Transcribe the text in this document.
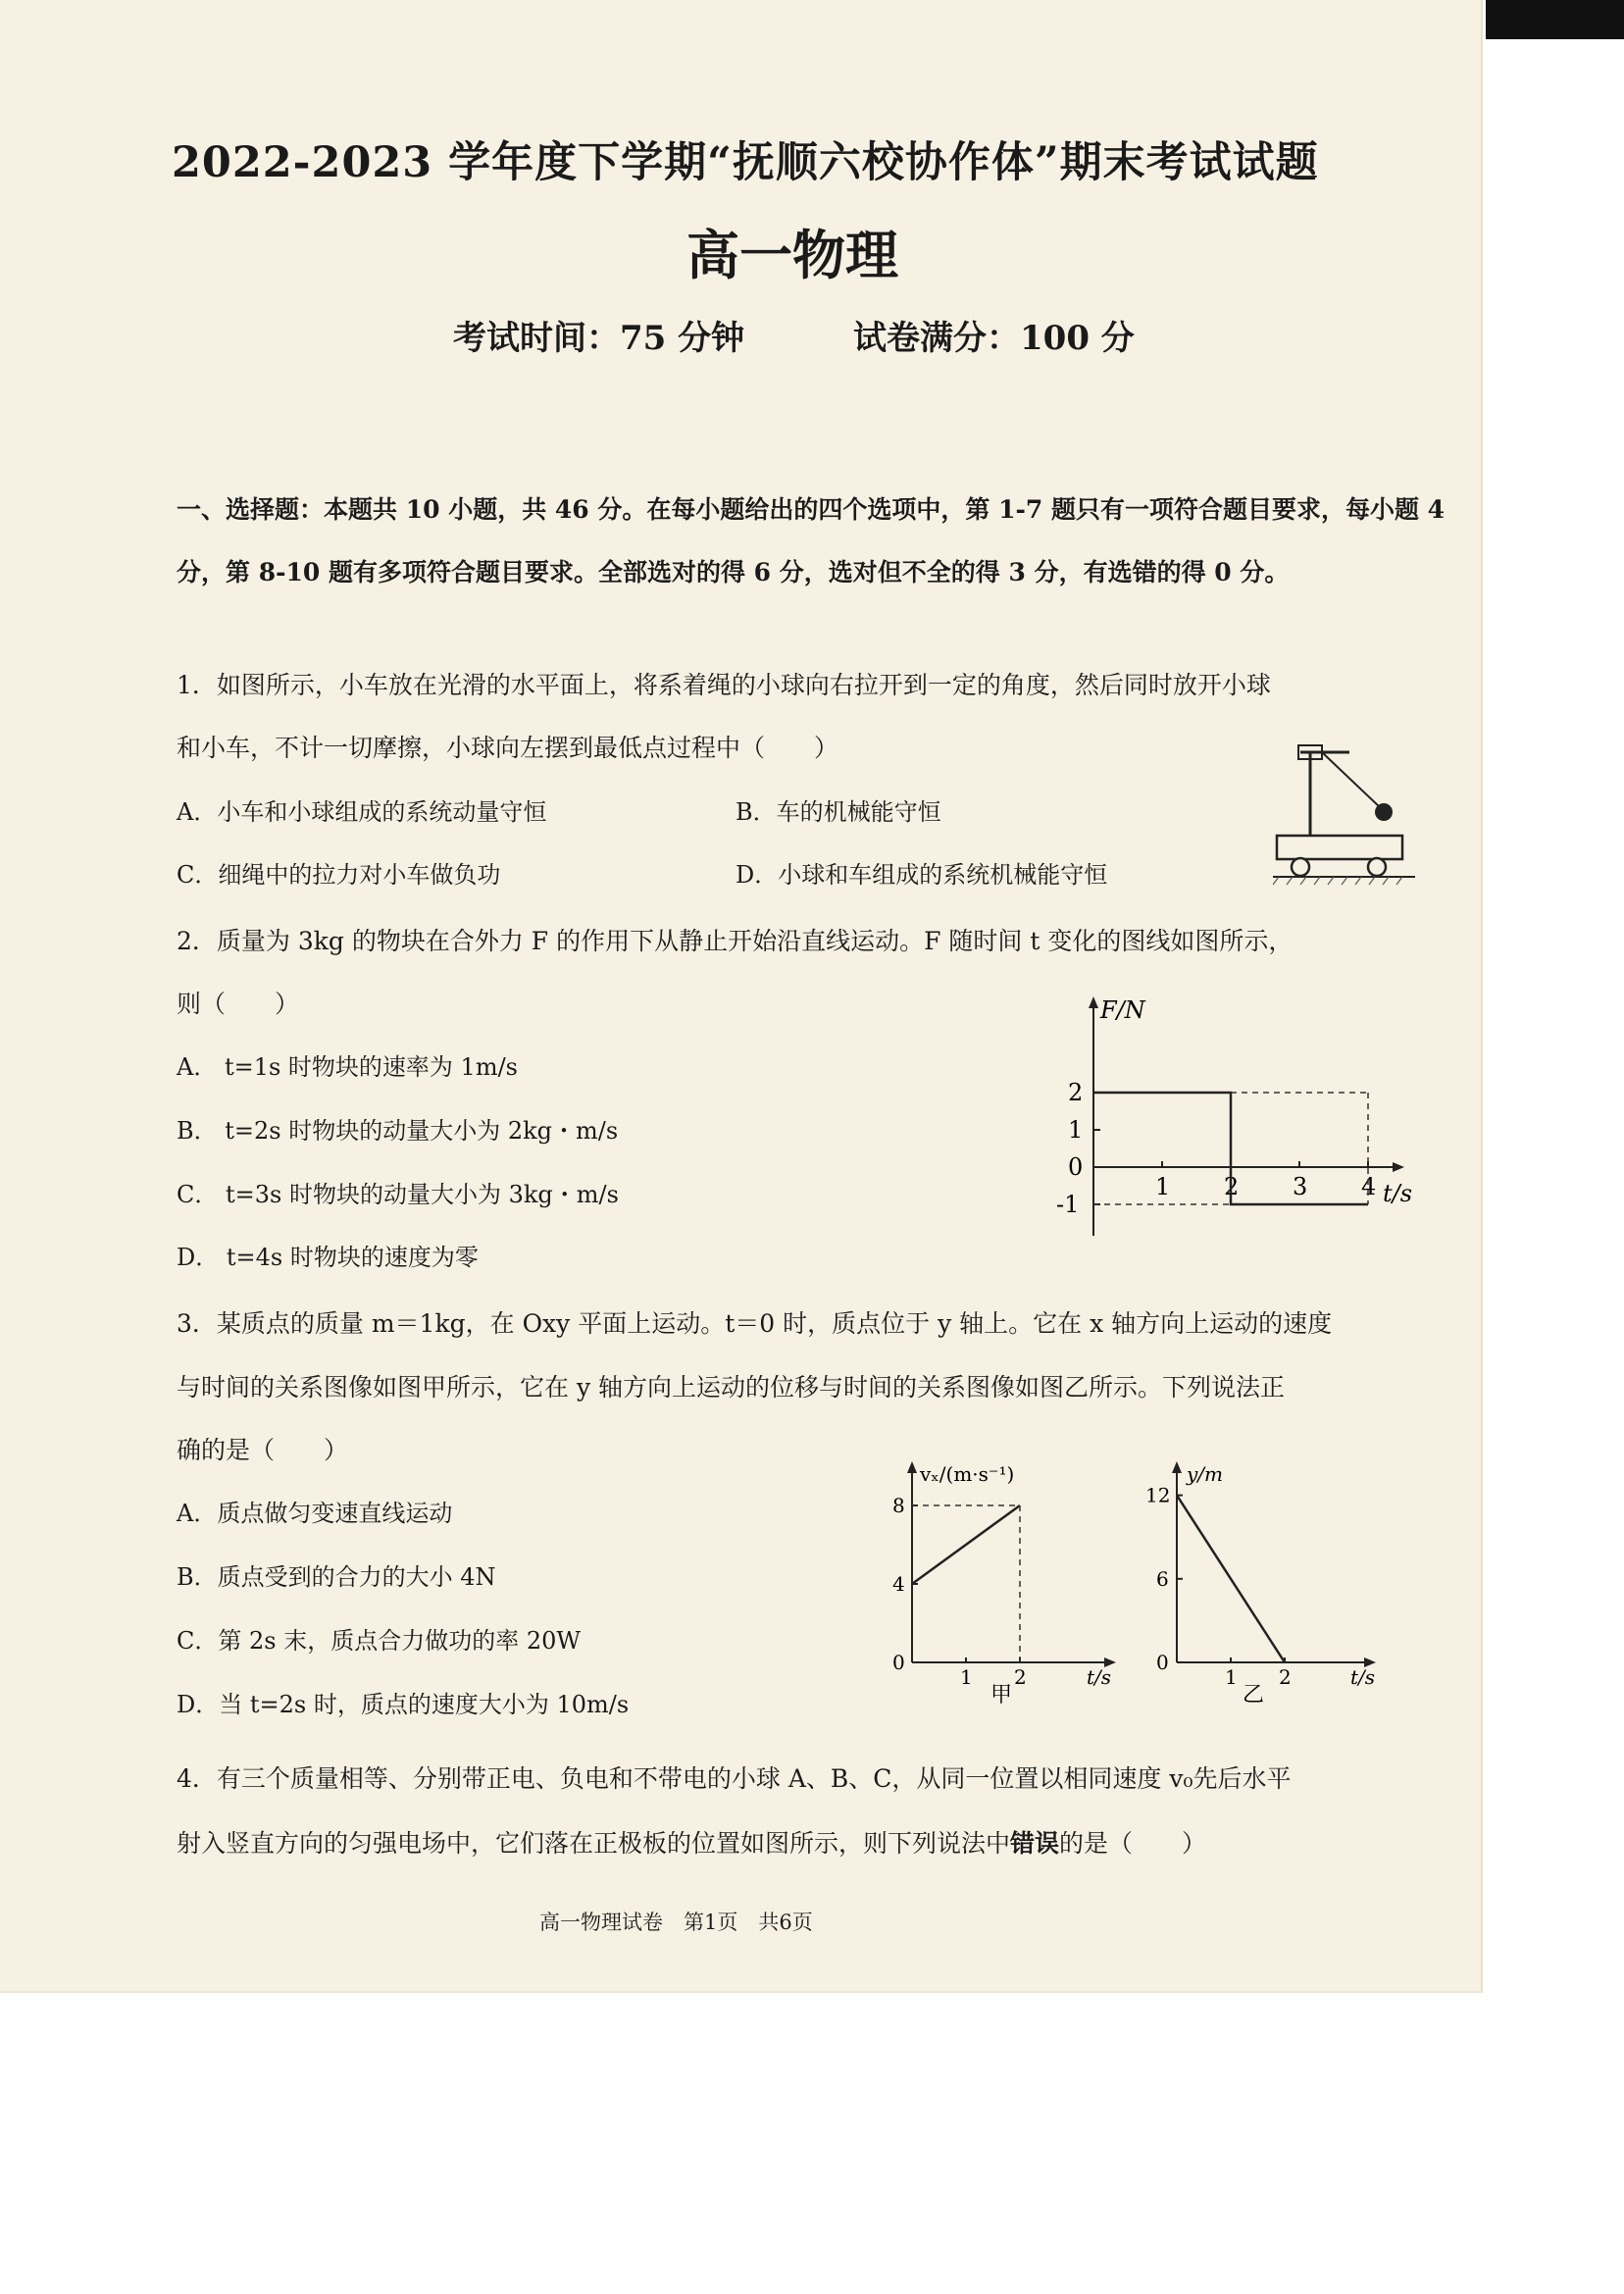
2022-2023 学年度下学期“抚顺六校协作体”期末考试试题
高一物理
考试时间：75 分钟	试卷满分：100 分
一、选择题：本题共 10 小题，共 46 分。在每小题给出的四个选项中，第 1-7 题只有一项符合题目要求，每小题 4 分，第 8-10 题有多项符合题目要求。全部选对的得 6 分，选对但不全的得 3 分，有选错的得 0 分。
1．如图所示，小车放在光滑的水平面上，将系着绳的小球向右拉开到一定的角度，然后同时放开小球
和小车，不计一切摩擦，小球向左摆到最低点过程中（　　）
A．小车和小球组成的系统动量守恒	B．车的机械能守恒
C．细绳中的拉力对小车做负功	D．小球和车组成的系统机械能守恒
2．质量为 3kg 的物块在合外力 F 的作用下从静止开始沿直线运动。F 随时间 t 变化的图线如图所示，
则（　　）
A． t=1s 时物块的速率为 1m/s
B． t=2s 时物块的动量大小为 2kg・m/s
C． t=3s 时物块的动量大小为 3kg・m/s
D． t=4s 时物块的速度为零
F/N
t/s
1 2 3 4
2
1
0
-1
3．某质点的质量 m＝1kg，在 Oxy 平面上运动。t＝0 时，质点位于 y 轴上。它在 x 轴方向上运动的速度
与时间的关系图像如图甲所示，它在 y 轴方向上运动的位移与时间的关系图像如图乙所示。下列说法正
确的是（　　）
A．质点做匀变速直线运动
B．质点受到的合力的大小 4N
C．第 2s 末，质点合力做功的率 20W
D．当 t=2s 时，质点的速度大小为 10m/s
vₓ/(m·s⁻¹)
t/s
甲
1 2
8
4
0
y/m
t/s
乙
1 2
12
6
0
4．有三个质量相等、分别带正电、负电和不带电的小球 A、B、C，从同一位置以相同速度 v₀先后水平
射入竖直方向的匀强电场中，它们落在正极板的位置如图所示，则下列说法中错误的是（　　）
高一物理试卷　第1页　共6页
